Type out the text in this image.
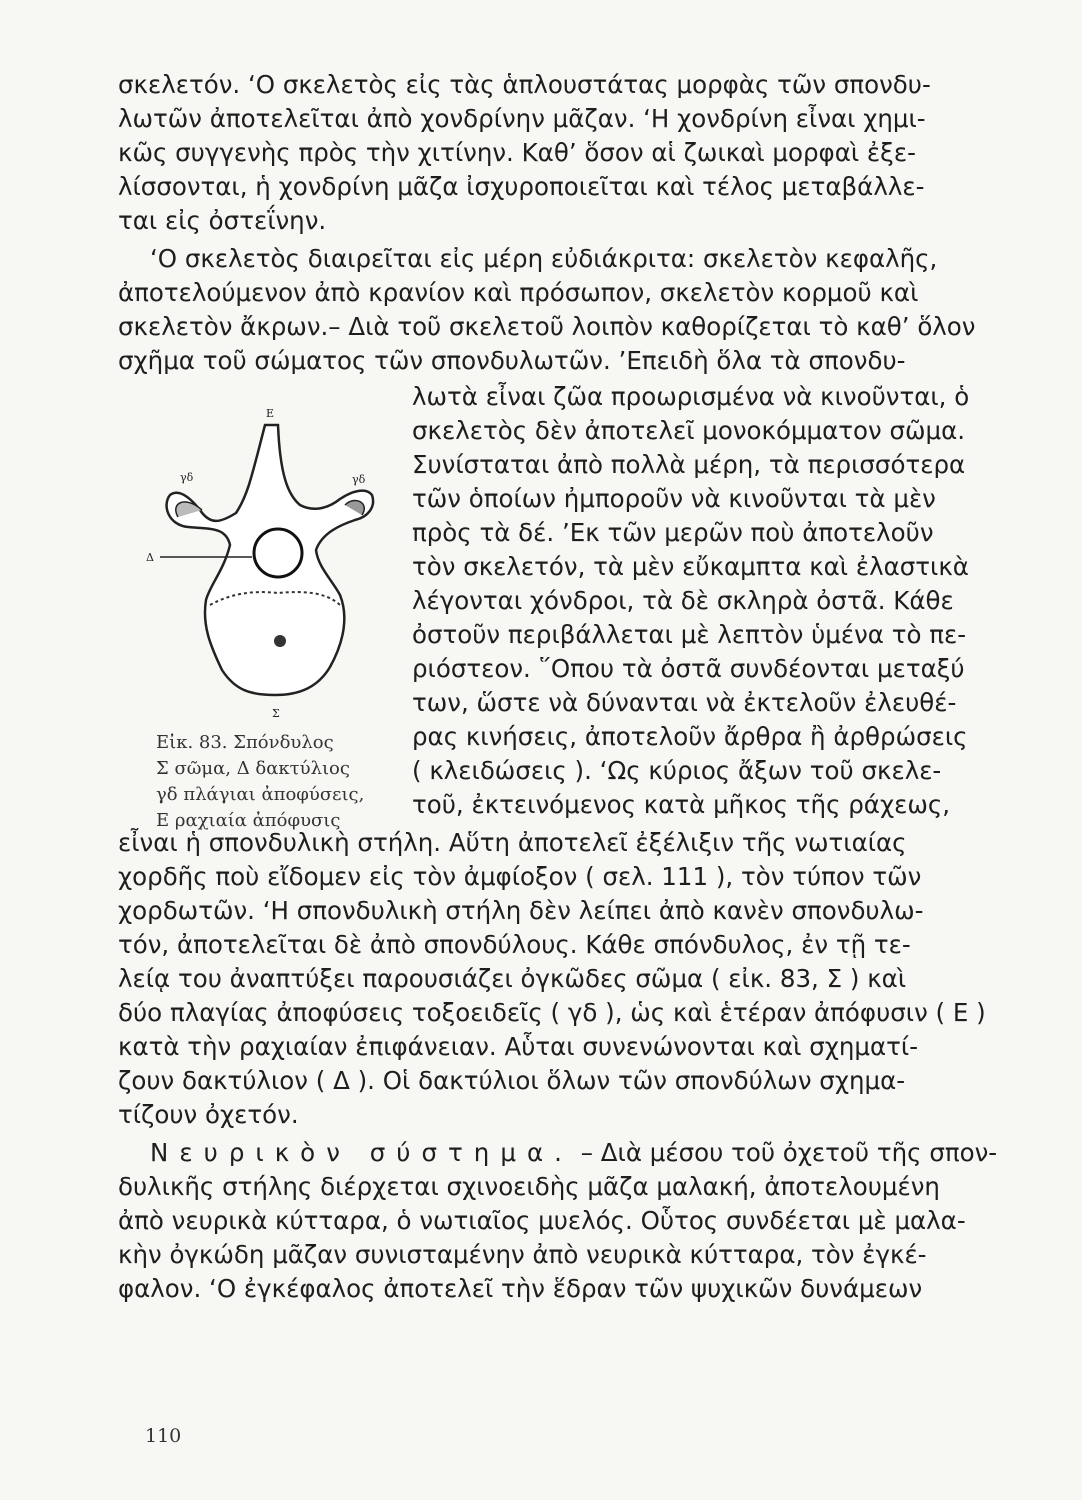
σκελετόν. ‘Ο σκελετὸς εἰς τὰς ἁπλουστάτας μορφὰς τῶν σπονδυ-
λωτῶν ἀποτελεῖται ἀπὸ χονδρίνην μᾶζαν. ‘Η χονδρίνη εἶναι χημι-
κῶς συγγενὴς πρὸς τὴν χιτίνην. Καθ’ ὅσον αἱ ζωικαὶ μορφαὶ ἐξε-
λίσσονται, ἡ χονδρίνη μᾶζα ἰσχυροποιεῖται καὶ τέλος μεταβάλλε-
ται εἰς ὀστεΐνην.
‘Ο σκελετὸς διαιρεῖται εἰς μέρη εὐδιάκριτα: σκελετὸν κεφαλῆς,
ἀποτελούμενον ἀπὸ κρανίον καὶ πρόσωπον, σκελετὸν κορμοῦ καὶ
σκελετὸν ἄκρων.– Διὰ τοῦ σκελετοῦ λοιπὸν καθορίζεται τὸ καθ’ ὅλον
σχῆμα τοῦ σώματος τῶν σπονδυλωτῶν. ’Επειδὴ ὅλα τὰ σπονδυ-
λωτὰ εἶναι ζῶα προωρισμένα νὰ κινοῦνται, ὁ
σκελετὸς δὲν ἀποτελεῖ μονοκόμματον σῶμα.
Συνίσταται ἀπὸ πολλὰ μέρη, τὰ περισσότερα
τῶν ὁποίων ἠμποροῦν νὰ κινοῦνται τὰ μὲν
πρὸς τὰ δέ. ’Εκ τῶν μερῶν ποὺ ἀποτελοῦν
τὸν σκελετόν, τὰ μὲν εὔκαμπτα καὶ ἐλαστικὰ
λέγονται χόνδροι, τὰ δὲ σκληρὰ ὀστᾶ. Κάθε
ὀστοῦν περιβάλλεται μὲ λεπτὸν ὑμένα τὸ πε-
ριόστεον. ῞Οπου τὰ ὀστᾶ συνδέονται μεταξύ
των, ὥστε νὰ δύνανται νὰ ἐκτελοῦν ἐλευθέ-
ρας κινήσεις, ἀποτελοῦν ἄρθρα ἢ ἀρθρώσεις
( κλειδώσεις ). ‘Ως κύριος ἄξων τοῦ σκελε-
τοῦ, ἐκτεινόμενος κατὰ μῆκος τῆς ράχεως,
εἶναι ἡ σπονδυλικὴ στήλη. Αὕτη ἀποτελεῖ ἐξέλιξιν τῆς νωτιαίας
χορδῆς ποὺ εἴδομεν εἰς τὸν ἀμφίοξον ( σελ. 111 ), τὸν τύπον τῶν
χορδωτῶν. ‘Η σπονδυλικὴ στήλη δὲν λείπει ἀπὸ κανὲν σπονδυλω-
τόν, ἀποτελεῖται δὲ ἀπὸ σπονδύλους. Κάθε σπόνδυλος, ἐν τῇ τε-
λείᾳ του ἀναπτύξει παρουσιάζει ὀγκῶδες σῶμα ( εἰκ. 83, Σ ) καὶ
δύο πλαγίας ἀποφύσεις τοξοειδεῖς ( γδ ), ὡς καὶ ἑτέραν ἀπόφυσιν ( Ε )
κατὰ τὴν ραχιαίαν ἐπιφάνειαν. Αὗται συνενώνονται καὶ σχηματί-
ζουν δακτύλιον ( Δ ). Οἱ δακτύλιοι ὅλων τῶν σπονδύλων σχημα-
τίζουν ὀχετόν.
Νευρικὸν σύστημα. – Διὰ μέσου τοῦ ὀχετοῦ τῆς σπον-
δυλικῆς στήλης διέρχεται σχινοειδὴς μᾶζα μαλακή, ἀποτελουμένη
ἀπὸ νευρικὰ κύτταρα, ὁ νωτιαῖος μυελός. Οὗτος συνδέεται μὲ μαλα-
κὴν ὀγκώδη μᾶζαν συνισταμένην ἀπὸ νευρικὰ κύτταρα, τὸν ἐγκέ-
φαλον. ‘Ο ἐγκέφαλος ἀποτελεῖ τὴν ἕδραν τῶν ψυχικῶν δυνάμεων
Ε
γδ	γδ
Δ
Σ
Εἰκ. 83. Σπόνδυλος
Σ σῶμα, Δ δακτύλιος
γδ πλάγιαι ἀποφύσεις,
Ε ραχιαία ἀπόφυσις
110
